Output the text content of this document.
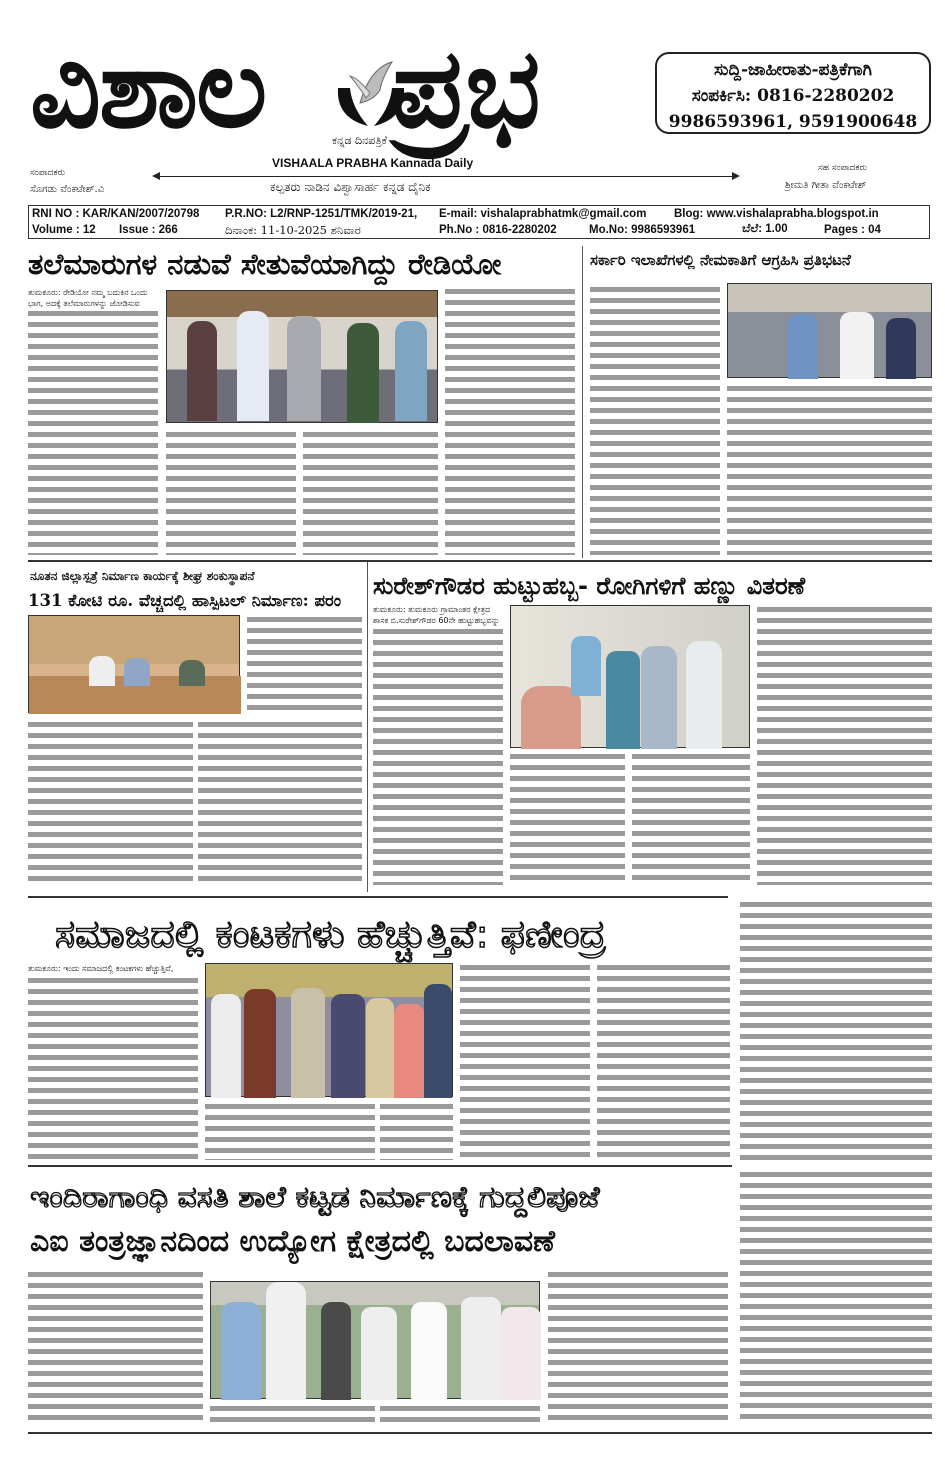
ವಿಶಾಲ ಪ್ರಭ
ಕನ್ನಡ ದಿನಪತ್ರಿಕೆ
VISHAALA PRABHA Kannada Daily
ಕಲ್ಪತರು ನಾಡಿನ ವಿಶ್ವಾಸಾರ್ಹ ಕನ್ನಡ ದೈನಿಕ
ಸಂಪಾದಕರು
ಸೊಗಡು ವೆಂಕಟೇಶ್.ವಿ
ಸಹ ಸಂಪಾದಕರು
ಶ್ರೀಮತಿ ಗೀತಾ ವೆಂಕಟೇಶ್
ಸುದ್ದಿ-ಜಾಹೀರಾತು-ಪತ್ರಿಕೆಗಾಗಿ
ಸಂಪರ್ಕಿಸಿ: 0816-2280202
9986593961, 9591900648
RNI NO : KAR/KAN/2007/20798 P.R.NO: L2/RNP-1251/TMK/2019-21, E-mail: vishalaprabhatmk@gmail.com Blog: www.vishalaprabha.blogspot.in
Volume : 12 Issue : 266	ದಿನಾಂಕ: 11-10-2025 ಶನಿವಾರ	Ph.No : 0816-2280202	Mo.No: 9986593961	ಬೆಲೆ: 1.00	Pages : 04
ತಲೆಮಾರುಗಳ ನಡುವೆ ಸೇತುವೆಯಾಗಿದ್ದು ರೇಡಿಯೋ
ತುಮಕೂರು: ರೇಡಿಯೋ ನಮ್ಮ ಬದುಕಿನ ಒಂದು ಭಾಗ, ಅದಕ್ಕೆ ತಲೆಮಾರುಗಳನ್ನು ಜೋಡಿಸುವ
ಸರ್ಕಾರಿ ಇಲಾಖೆಗಳಲ್ಲಿ ನೇಮಕಾತಿಗೆ ಆಗ್ರಹಿಸಿ ಪ್ರತಿಭಟನೆ
ನೂತನ ಜಿಲ್ಲಾಸ್ಪತ್ರೆ ನಿರ್ಮಾಣ ಕಾರ್ಯಕ್ಕೆ ಶೀಘ್ರ ಶಂಕುಸ್ಥಾಪನೆ
131 ಕೋಟಿ ರೂ. ವೆಚ್ಚದಲ್ಲಿ ಹಾಸ್ಪಿಟಲ್ ನಿರ್ಮಾಣ: ಪರಂ
ಸುರೇಶ್‌ಗೌಡರ ಹುಟ್ಟುಹಬ್ಬ- ರೋಗಿಗಳಿಗೆ ಹಣ್ಣು ವಿತರಣೆ
ತುಮಕೂರು: ತುಮಕೂರು ಗ್ರಾಮಾಂತರ ಕ್ಷೇತ್ರದ ಶಾಸಕ ಬಿ.ಸುರೇಶ್‌ಗೌಡರ 60ನೇ ಹುಟ್ಟುಹಬ್ಬವನ್ನು
ಸಮಾಜದಲ್ಲಿ ಕಂಟಕಗಳು ಹೆಚ್ಚುತ್ತಿವೆ: ಫಣೀಂದ್ರ
ತುಮಕೂರು: ಇಂದು ಸಮಾಜದಲ್ಲಿ ಕಂಟಕಗಳು ಹೆಚ್ಚುತ್ತಿವೆ,
ಇಂದಿರಾಗಾಂಧಿ ವಸತಿ ಶಾಲೆ ಕಟ್ಟಡ ನಿರ್ಮಾಣಕ್ಕೆ ಗುದ್ದಲಿಪೂಜೆ
ಎಐ ತಂತ್ರಜ್ಞಾನದಿಂದ ಉದ್ಯೋಗ ಕ್ಷೇತ್ರದಲ್ಲಿ ಬದಲಾವಣೆ
